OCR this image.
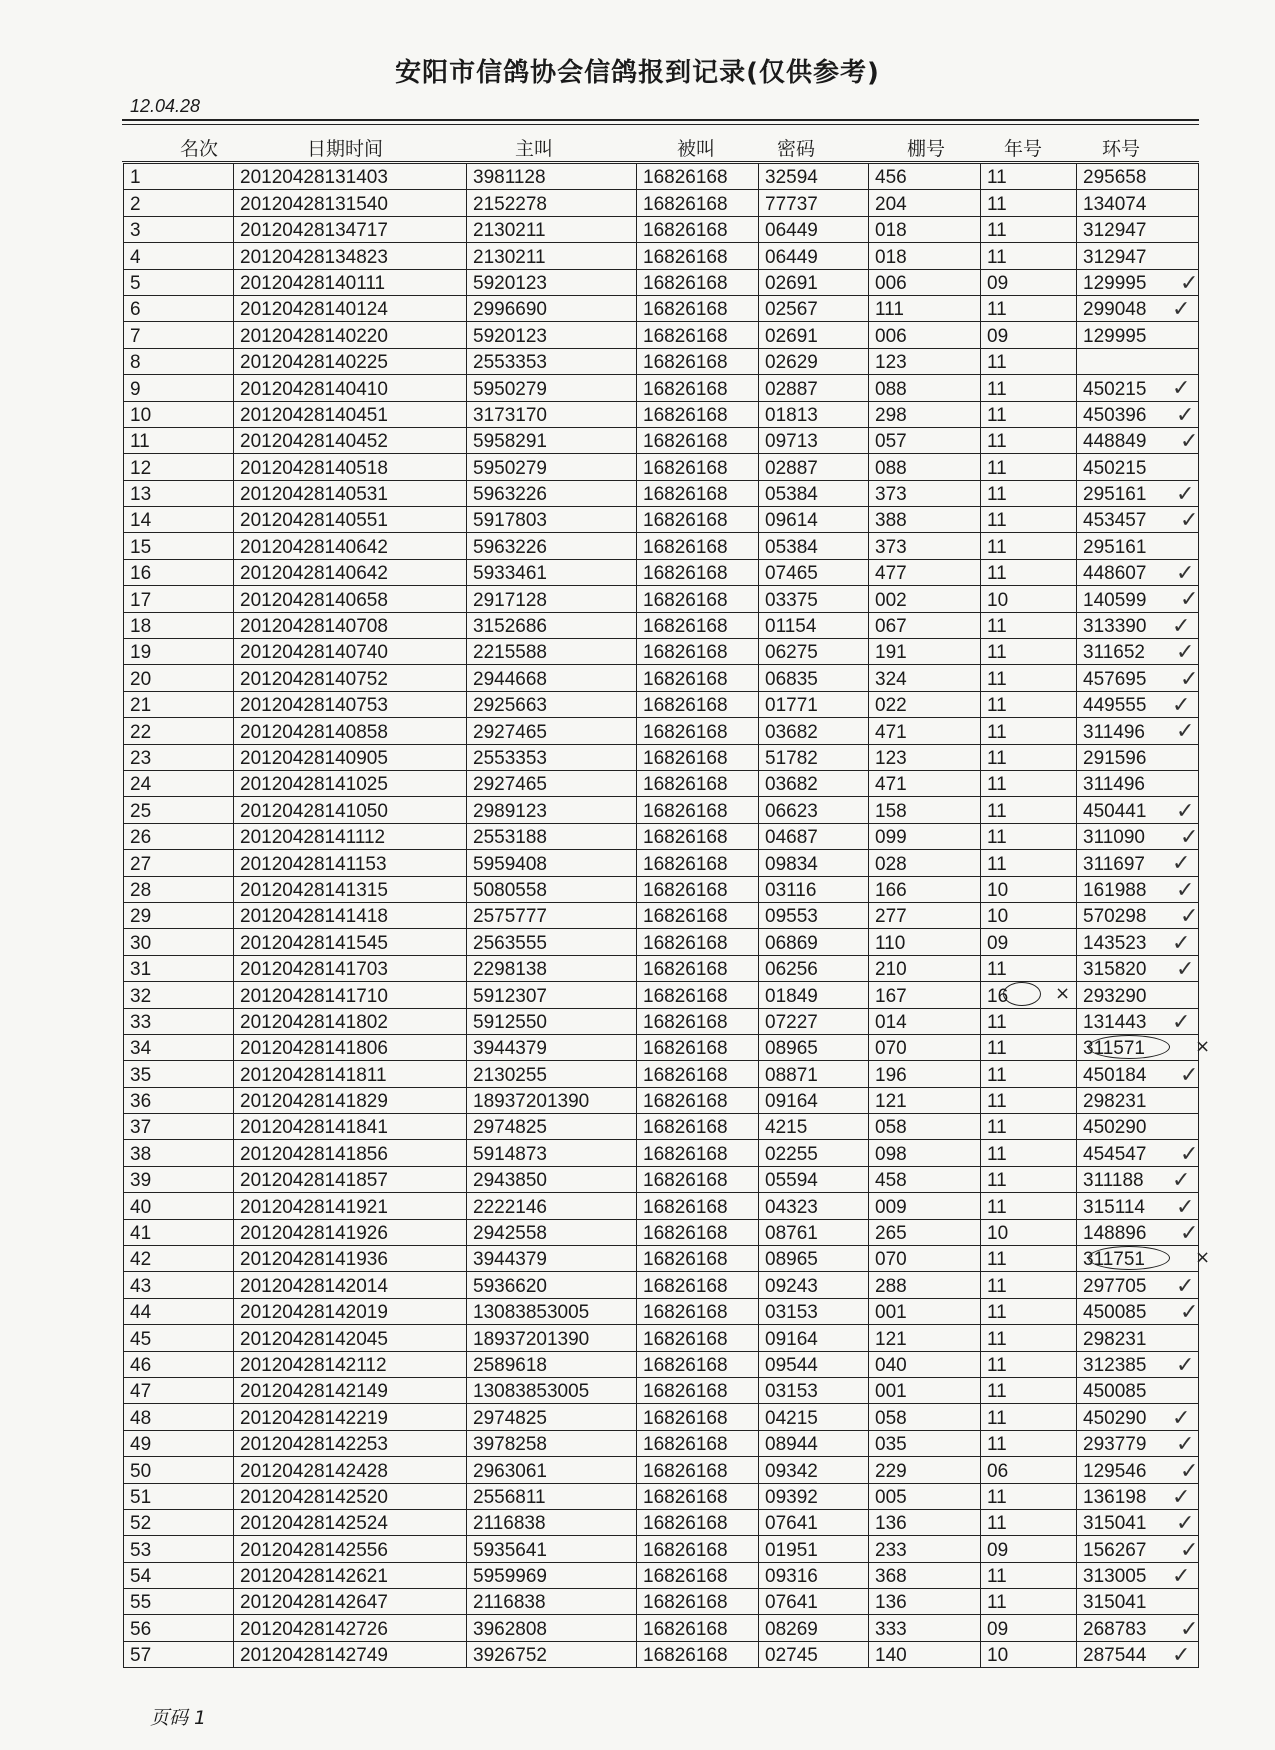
安阳市信鸽协会信鸽报到记录(仅供参考)
12.04.28
名次	日期时间	主叫	被叫	密码	棚号	年号	环号
1	20120428131403	3981128	16826168	32594	456	11	295658
2	20120428131540	2152278	16826168	77737	204	11	134074
3	20120428134717	2130211	16826168	06449	018	11	312947
4	20120428134823	2130211	16826168	06449	018	11	312947
5	20120428140111	5920123	16826168	02691	006	09	129995
6	20120428140124	2996690	16826168	02567	111	11	299048
7	20120428140220	5920123	16826168	02691	006	09	129995
8	20120428140225	2553353	16826168	02629	123	11	
9	20120428140410	5950279	16826168	02887	088	11	450215
10	20120428140451	3173170	16826168	01813	298	11	450396
11	20120428140452	5958291	16826168	09713	057	11	448849
12	20120428140518	5950279	16826168	02887	088	11	450215
13	20120428140531	5963226	16826168	05384	373	11	295161
14	20120428140551	5917803	16826168	09614	388	11	453457
15	20120428140642	5963226	16826168	05384	373	11	295161
16	20120428140642	5933461	16826168	07465	477	11	448607
17	20120428140658	2917128	16826168	03375	002	10	140599
18	20120428140708	3152686	16826168	01154	067	11	313390
19	20120428140740	2215588	16826168	06275	191	11	311652
20	20120428140752	2944668	16826168	06835	324	11	457695
21	20120428140753	2925663	16826168	01771	022	11	449555
22	20120428140858	2927465	16826168	03682	471	11	311496
23	20120428140905	2553353	16826168	51782	123	11	291596
24	20120428141025	2927465	16826168	03682	471	11	311496
25	20120428141050	2989123	16826168	06623	158	11	450441
26	20120428141112	2553188	16826168	04687	099	11	311090
27	20120428141153	5959408	16826168	09834	028	11	311697
28	20120428141315	5080558	16826168	03116	166	10	161988
29	20120428141418	2575777	16826168	09553	277	10	570298
30	20120428141545	2563555	16826168	06869	110	09	143523
31	20120428141703	2298138	16826168	06256	210	11	315820
32	20120428141710	5912307	16826168	01849	167	16	293290
33	20120428141802	5912550	16826168	07227	014	11	131443
34	20120428141806	3944379	16826168	08965	070	11	311571
35	20120428141811	2130255	16826168	08871	196	11	450184
36	20120428141829	18937201390	16826168	09164	121	11	298231
37	20120428141841	2974825	16826168	4215	058	11	450290
38	20120428141856	5914873	16826168	02255	098	11	454547
39	20120428141857	2943850	16826168	05594	458	11	311188
40	20120428141921	2222146	16826168	04323	009	11	315114
41	20120428141926	2942558	16826168	08761	265	10	148896
42	20120428141936	3944379	16826168	08965	070	11	311751
43	20120428142014	5936620	16826168	09243	288	11	297705
44	20120428142019	13083853005	16826168	03153	001	11	450085
45	20120428142045	18937201390	16826168	09164	121	11	298231
46	20120428142112	2589618	16826168	09544	040	11	312385
47	20120428142149	13083853005	16826168	03153	001	11	450085
48	20120428142219	2974825	16826168	04215	058	11	450290
49	20120428142253	3978258	16826168	08944	035	11	293779
50	20120428142428	2963061	16826168	09342	229	06	129546
51	20120428142520	2556811	16826168	09392	005	11	136198
52	20120428142524	2116838	16826168	07641	136	11	315041
53	20120428142556	5935641	16826168	01951	233	09	156267
54	20120428142621	5959969	16826168	09316	368	11	313005
55	20120428142647	2116838	16826168	07641	136	11	315041
56	20120428142726	3962808	16826168	08269	333	09	268783
57	20120428142749	3926752	16826168	02745	140	10	287544
✓
✓
✓
✓
✓
✓
✓
✓
✓
✓
✓
✓
✓
✓
✓
✓
✓
✓
✓
✓
✓
✓
✓
✓
✓
✓
✓
✓
✓
✓
✓
✓
✓
✓
✓
✓
✓
✓
✓
×
×
×
页码 1
